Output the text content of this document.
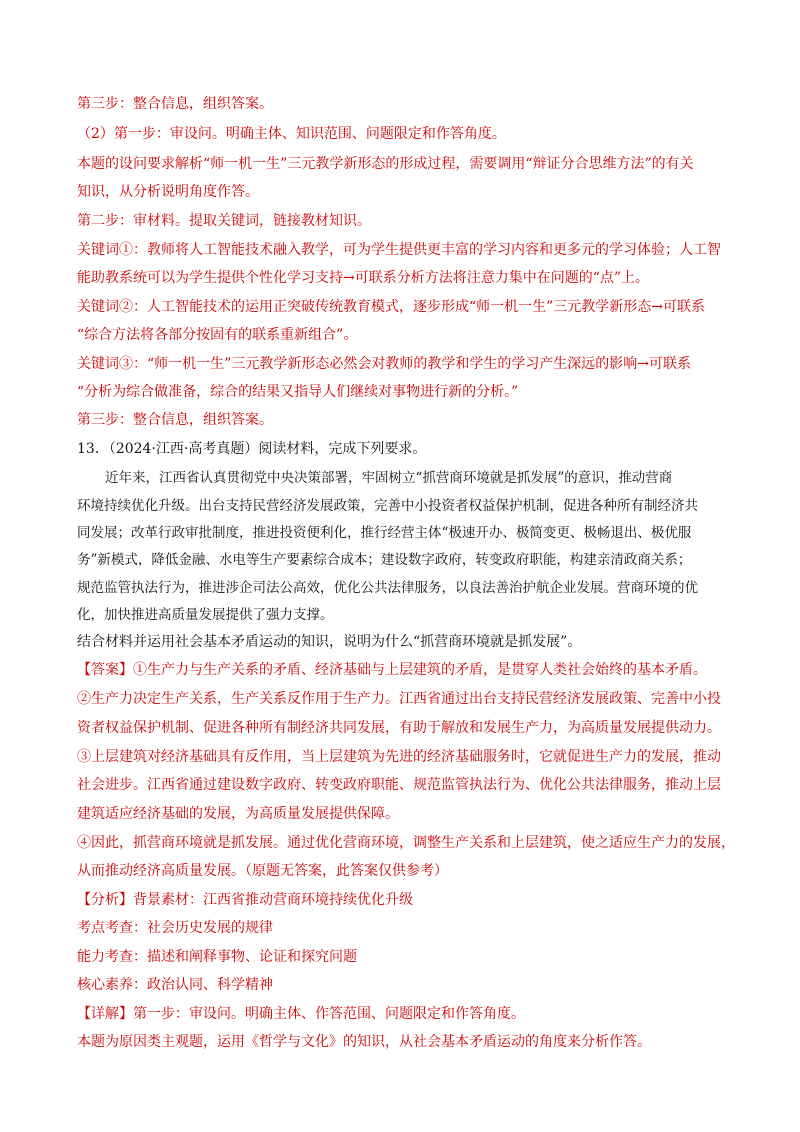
第三步：整合信息，组织答案。
（2）第一步：审设问。明确主体、知识范围、问题限定和作答角度。
本题的设问要求解析“师一机一生”三元教学新形态的形成过程，需要调用“辩证分合思维方法”的有关
知识，从分析说明角度作答。
第二步：审材料。提取关键词，链接教材知识。
关键词①：教师将人工智能技术融入教学，可为学生提供更丰富的学习内容和更多元的学习体验；人工智
能助教系统可以为学生提供个性化学习支持→可联系分析方法将注意力集中在问题的“点”上。
关键词②：人工智能技术的运用正突破传统教育模式，逐步形成“师一机一生”三元教学新形态→可联系
“综合方法将各部分按固有的联系重新组合”。
关键词③：“师一机一生”三元教学新形态必然会对教师的教学和学生的学习产生深远的影响→可联系
“分析为综合做准备，综合的结果又指导人们继续对事物进行新的分析。”
第三步：整合信息，组织答案。
13．（2024·江西·高考真题）阅读材料，完成下列要求。
近年来，江西省认真贯彻党中央决策部署，牢固树立“抓营商环境就是抓发展”的意识，推动营商
环境持续优化升级。出台支持民营经济发展政策，完善中小投资者权益保护机制，促进各种所有制经济共
同发展；改革行政审批制度，推进投资便利化，推行经营主体“极速开办、极简变更、极畅退出、极优服
务”新模式，降低金融、水电等生产要素综合成本；建设数字政府，转变政府职能，构建亲清政商关系；
规范监管执法行为，推进涉企司法公高效，优化公共法律服务，以良法善治护航企业发展。营商环境的优
化，加快推进高质量发展提供了强力支撑。
结合材料并运用社会基本矛盾运动的知识，说明为什么“抓营商环境就是抓发展”。
【答案】①生产力与生产关系的矛盾、经济基础与上层建筑的矛盾，是贯穿人类社会始终的基本矛盾。
②生产力决定生产关系，生产关系反作用于生产力。江西省通过出台支持民营经济发展政策、完善中小投
资者权益保护机制、促进各种所有制经济共同发展，有助于解放和发展生产力，为高质量发展提供动力。
③上层建筑对经济基础具有反作用，当上层建筑为先进的经济基础服务时，它就促进生产力的发展，推动
社会进步。江西省通过建设数字政府、转变政府职能、规范监管执法行为、优化公共法律服务，推动上层
建筑适应经济基础的发展，为高质量发展提供保障。
④因此，抓营商环境就是抓发展。通过优化营商环境，调整生产关系和上层建筑，使之适应生产力的发展，
从而推动经济高质量发展。（原题无答案，此答案仅供参考）
【分析】背景素材：江西省推动营商环境持续优化升级
考点考查：社会历史发展的规律
能力考查：描述和阐释事物、论证和探究问题
核心素养：政治认同、科学精神
【详解】第一步：审设问。明确主体、作答范围、问题限定和作答角度。
本题为原因类主观题，运用《哲学与文化》的知识，从社会基本矛盾运动的角度来分析作答。
